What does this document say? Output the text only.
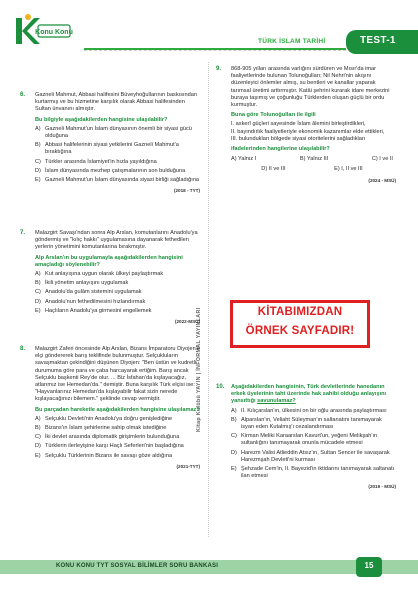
Konu Konu
TÜRK İSLAM TARİHİ	TEST-1
Kitap Kulübü YAYIN | İNFORMAL YAYINLARI
6. Gazneli Mahmut, Abbasi halifesini Büveyhoğullarının baskısından kurtarmış ve bu hizmetine karşılık olarak Abbasi halifesinden Sultan ünvanını almıştır.

Bu bilgiyle aşağıdakilerden hangisine ulaşılabilir?

A) Gazneli Mahmut'un İslam dünyasının önemli bir siyasi gücü olduğuna
B) Abbasi halifelerinin siyasi yetkilerini Gazneli Mahmut'a bıraktığına
C) Türkler arasında İslamiyet'in hızla yayıldığına
D) İslam dünyasında mezhep çatışmalarının son bulduğuna
E) Gazneli Mahmut'un İslam dünyasında siyasi birliği sağladığına
(2018 - TYT)
7. Malazgirt Savaşı'ndan sonra Alp Arslan, komutanlarını Anadolu'ya göndermiş ve "kılıç hakkı" uygulamasına dayanarak fethedilen yerlerin yönetimini komutanlarına bırakmıştır.

Alp Arslan'ın bu uygulamayla aşağıdakilerden hangisini amaçladığı söylenebilir?

A) Kut anlayışına uygun olarak ülkeyi paylaştırmak
B) İkili yönetim anlayışını uygulamak
C) Anadolu'da gulâm sistemini uygulamak
D) Anadolu'nun fethedilmesini hızlandırmak
E) Haçlıların Anadolu'ya girmesini engellemek
(2022-MSÜ)
8. Malazgirt Zaferi öncesinde Alp Arslan, Bizans İmparatoru Diyojen'e elçi göndererek barış teklifinde bulunmuştur. Selçukluların savaşmaktan çekindiğini düşünen Diyojen: "Ben üstün ve kudretli durumuma göre para ve çaba harcayarak ertiğim. Barış ancak Selçuklu başkenti Rey'de olur. ... Biz İsfahan'da kışlayacağız, atlarımız ise Hemedan'da." demiştir. Buna karşılık Türk elçisi ise: "Hayvanlarınız Hemedan'da kışlayabilir fakat sizin nerede kışlayacağınızı bilemem." şeklinde cevap vermiştir.

Bu parçadan hareketle aşağıdakilerden hangisine ulaşılamaz?

A) Selçuklu Devleti'nin Anadolu'ya doğru genişlediğine
B) Bizans'ın İslam şehirlerine sahip olmak istediğine
C) İki devlet arasında diplomatik girişimlerin bulunduğuna
D) Türklerin ilerleyişine karşı Haçlı Seferleri'nin başladığına
E) Selçuklu Türklerinin Bizans ile savaşı göze aldığına
(2021-TYT)
9. 868-905 yılları arasında varlığını sürdüren ve Mısır'da imar faaliyetlerinde bulunan Tolunoğulları; Nil Nehri'nin akışını düzenleyici önlemler almış, su bentleri ve kanallar yaparak tarımsal üretimi arttırmıştır. Katâi şehrini kurarak idare merkezini buraya taşımış ve çoğunluğu Türklerden oluşan güçlü bir ordu kurmuştur.

Buna göre Tolunoğulları ile ilgili

I. askerî güçleri sayesinde İslam âlemini birleştirdikleri,

II. bayındırlık faaliyetleriyle ekonomik kazanımlar elde ettikleri,

III. bulundukları bölgede siyasi otoritelerini sağladıkları

ifadelerinden hangilerine ulaşılabilir?

A) Yalnız I	B) Yalnız III	C) I ve II
D) II ve III	E) I, II ve III
(2024 - MSÜ)
KİTABIMIZDAN
ÖRNEK SAYFADIR!
10. Aşağıdakilerden hangisinin, Türk devletlerinde hanedanın erkek üyelerinin taht üzerinde hak sahibi olduğu anlayışını yansıttığı savunulamaz?

A) II. Kılıçarslan'ın, ülkesini on bir oğlu arasında paylaştırması
B) Alparslan'ın, Veliaht Süleyman'ın saltanatını tanımayarak isyan eden Kutalmış'ı cezalandırması
C) Kirman Meliki Karaarslan Kavurt'un, yeğeni Melikşah'ın sultanlığını tanımayarak onunla mücadele etmesi
D) Harezm Valisi Atlieddin Atsız'ın, Sultan Sencer ile savaşarak Harezmşah Devleti'ni kurması
E) Şehzade Cem'in, II. Bayezid'in iktidarını tanımayarak saltanatı ilan etmesi
(2019 - MSÜ)
KONU KONU TYT SOSYAL BİLİMLER SORU BANKASI	15
